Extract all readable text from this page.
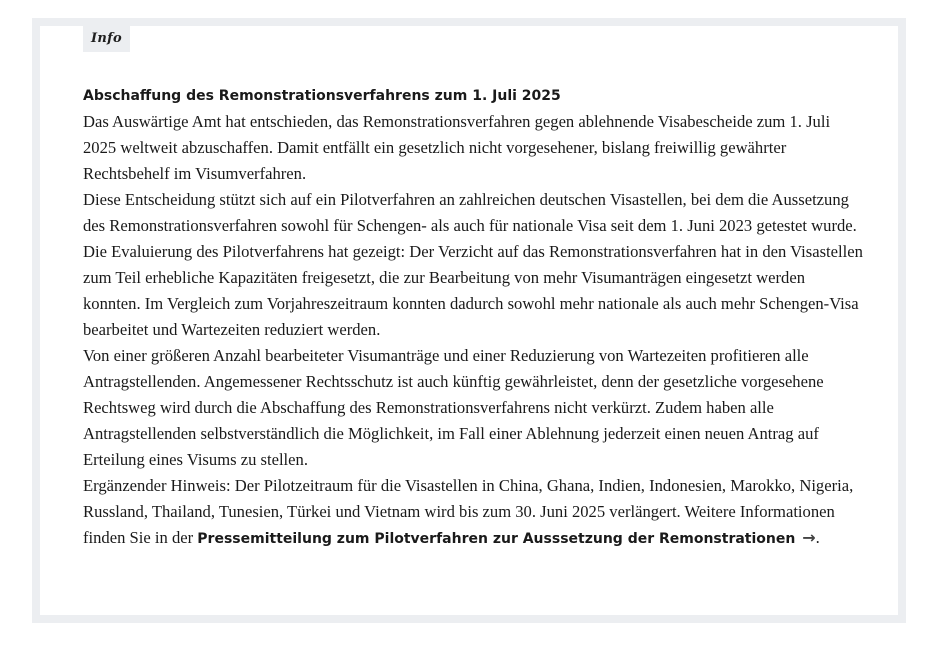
Info

Abschaffung des Remonstrationsverfahrens zum 1. Juli 2025

Das Auswärtige Amt hat entschieden, das Remonstrationsverfahren gegen ablehnende Visabescheide zum 1. Juli 2025 weltweit abzuschaffen. Damit entfällt ein gesetzlich nicht vorgesehener, bislang freiwillig gewährter Rechtsbehelf im Visumverfahren.

Diese Entscheidung stützt sich auf ein Pilotverfahren an zahlreichen deutschen Visastellen, bei dem die Aussetzung des Remonstrationsverfahren sowohl für Schengen- als auch für nationale Visa seit dem 1. Juni 2023 getestet wurde.

Die Evaluierung des Pilotverfahrens hat gezeigt: Der Verzicht auf das Remonstrationsverfahren hat in den Visastellen zum Teil erhebliche Kapazitäten freigesetzt, die zur Bearbeitung von mehr Visumanträgen eingesetzt werden konnten. Im Vergleich zum Vorjahreszeitraum konnten dadurch sowohl mehr nationale als auch mehr Schengen-Visa bearbeitet und Wartezeiten reduziert werden.

Von einer größeren Anzahl bearbeiteter Visumanträge und einer Reduzierung von Wartezeiten profitieren alle Antragstellenden. Angemessener Rechtsschutz ist auch künftig gewährleistet, denn der gesetzliche vorgesehene Rechtsweg wird durch die Abschaffung des Remonstrationsverfahrens nicht verkürzt. Zudem haben alle Antragstellenden selbstverständlich die Möglichkeit, im Fall einer Ablehnung jederzeit einen neuen Antrag auf Erteilung eines Visums zu stellen.

Ergänzender Hinweis: Der Pilotzeitraum für die Visastellen in China, Ghana, Indien, Indonesien, Marokko, Nigeria, Russland, Thailand, Tunesien, Türkei und Vietnam wird bis zum 30. Juni 2025 verlängert. Weitere Informationen finden Sie in der Pressemitteilung zum Pilotverfahren zur Ausssetzung der Remonstrationen →.
